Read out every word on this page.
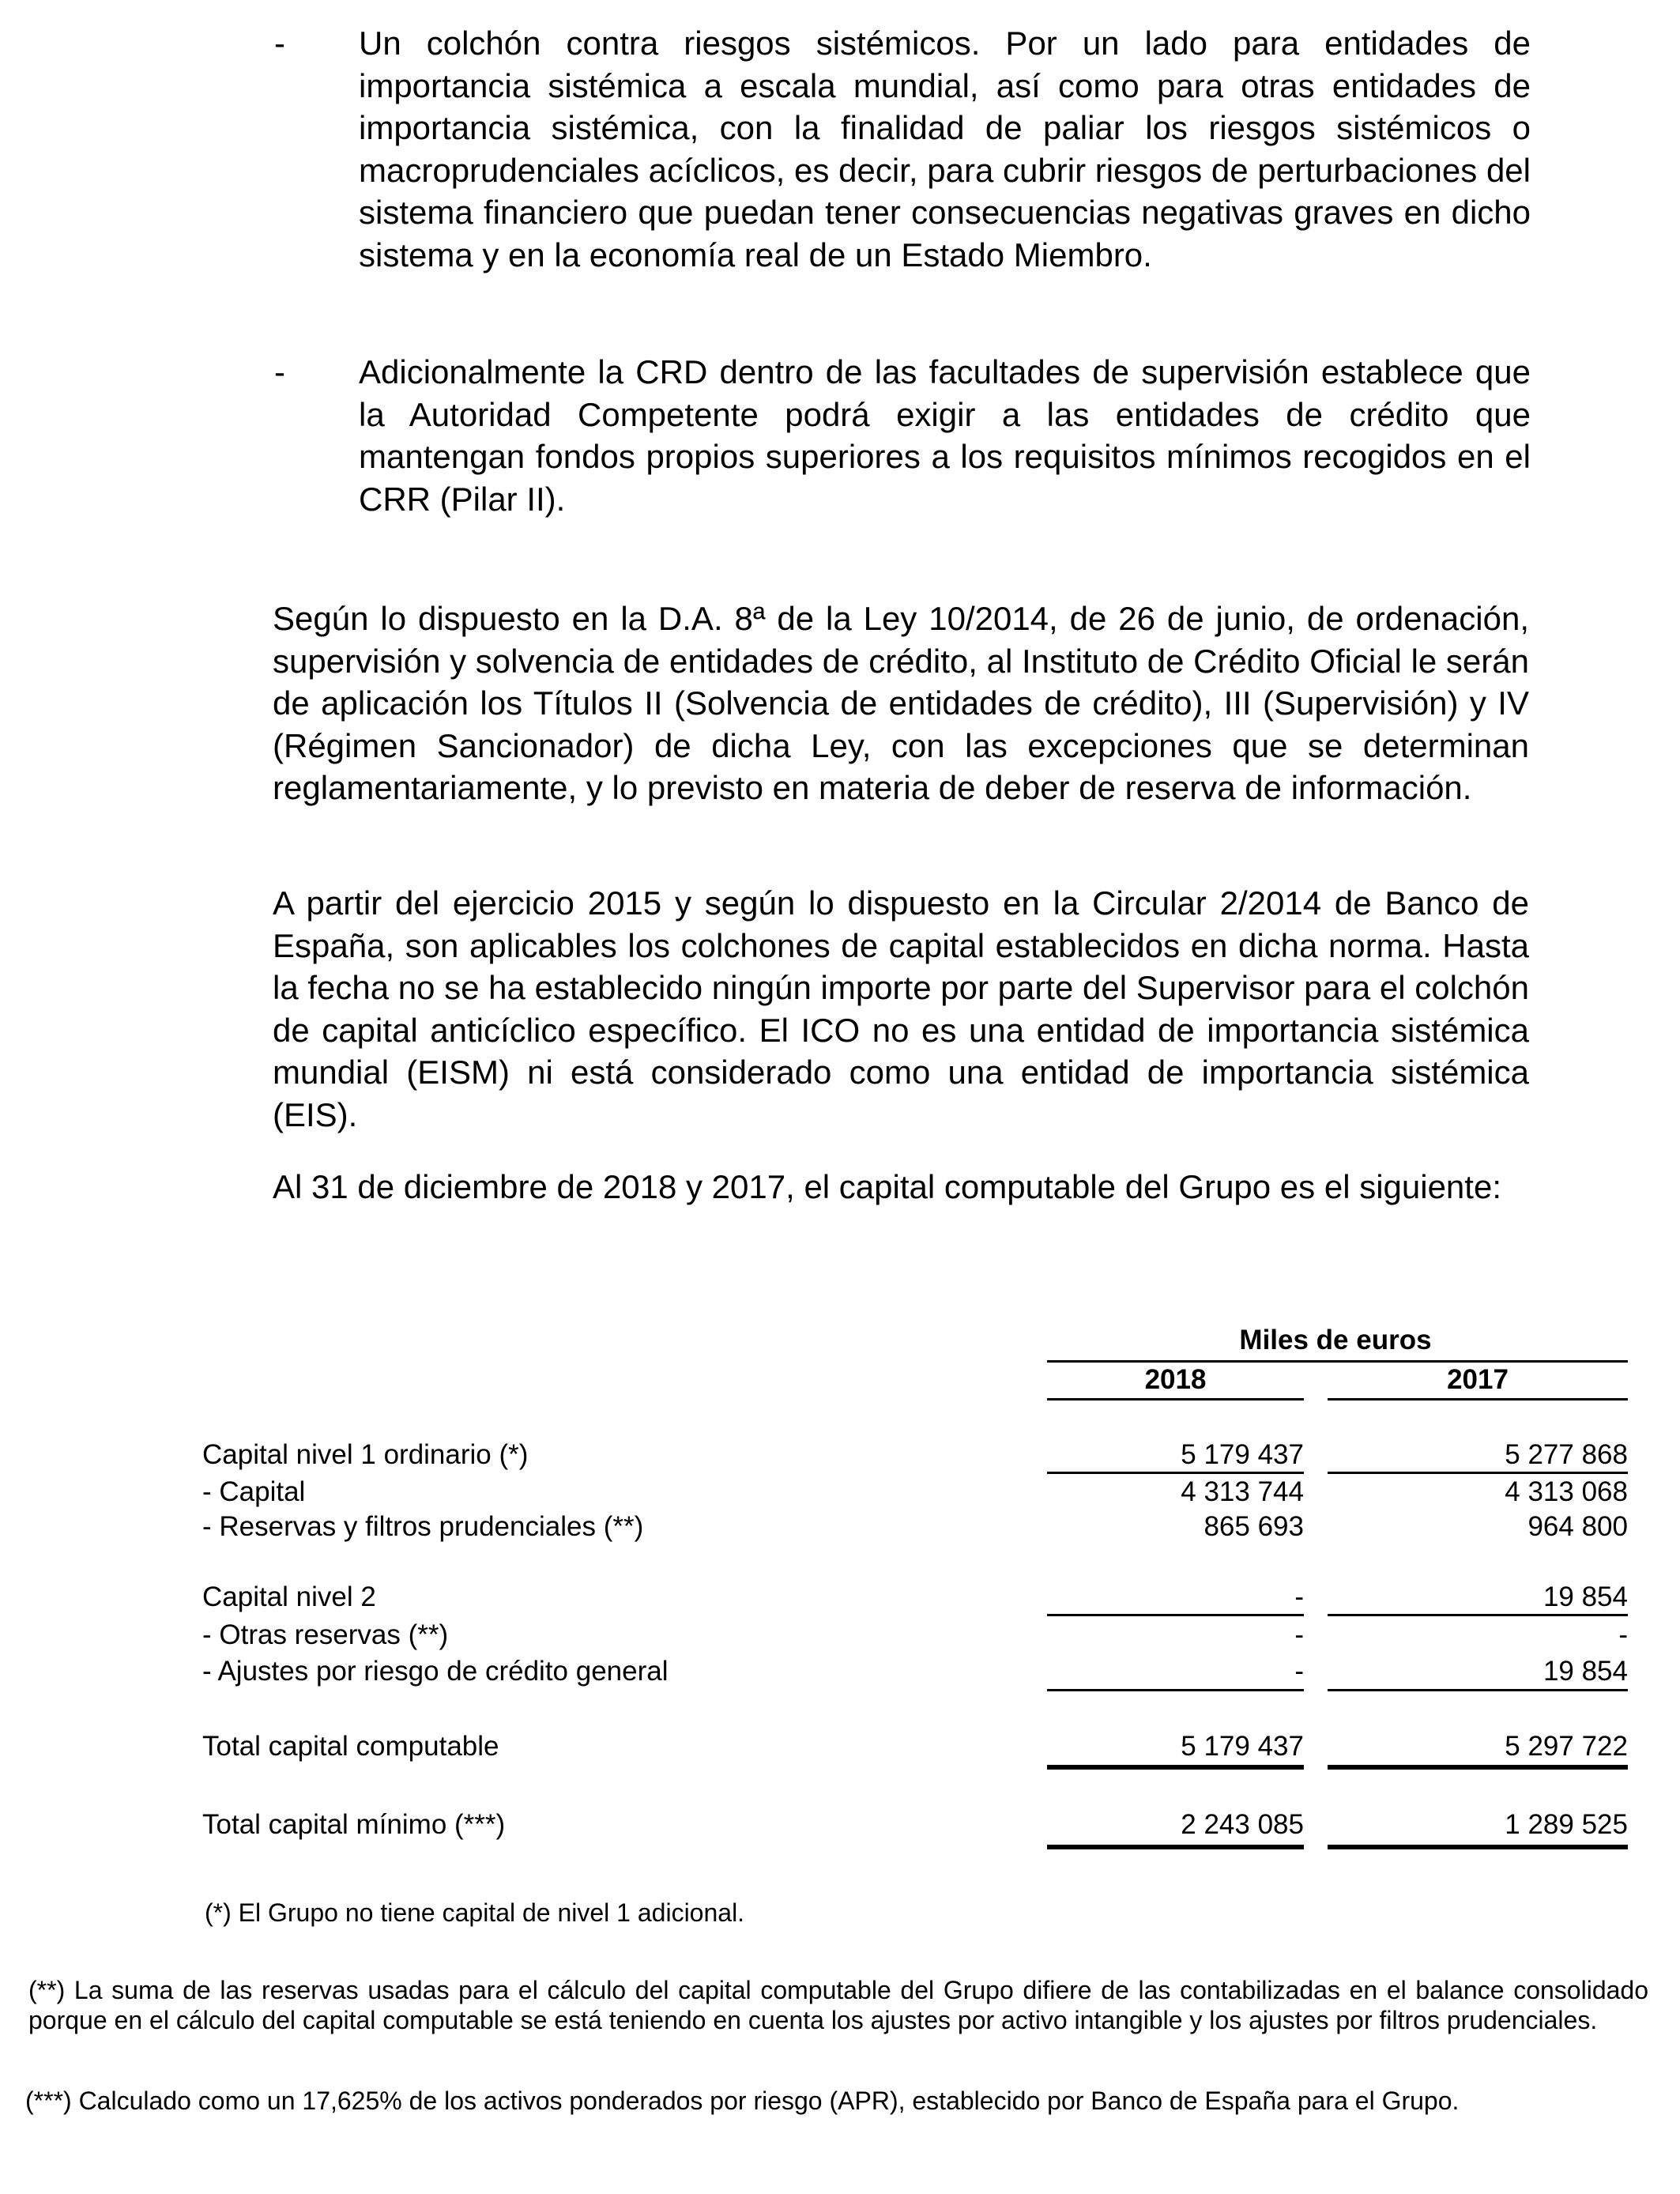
- Un colchón contra riesgos sistémicos. Por un lado para entidades de importancia sistémica a escala mundial, así como para otras entidades de importancia sistémica, con la finalidad de paliar los riesgos sistémicos o macroprudenciales acíclicos, es decir, para cubrir riesgos de perturbaciones del sistema financiero que puedan tener consecuencias negativas graves en dicho sistema y en la economía real de un Estado Miembro.
- Adicionalmente la CRD dentro de las facultades de supervisión establece que la Autoridad Competente podrá exigir a las entidades de crédito que mantengan fondos propios superiores a los requisitos mínimos recogidos en el CRR (Pilar II).
Según lo dispuesto en la D.A. 8ª de la Ley 10/2014, de 26 de junio, de ordenación, supervisión y solvencia de entidades de crédito, al Instituto de Crédito Oficial le serán de aplicación los Títulos II (Solvencia de entidades de crédito), III (Supervisión) y IV (Régimen Sancionador) de dicha Ley, con las excepciones que se determinan reglamentariamente, y lo previsto en materia de deber de reserva de información.
A partir del ejercicio 2015 y según lo dispuesto en la Circular 2/2014 de Banco de España, son aplicables los colchones de capital establecidos en dicha norma. Hasta la fecha no se ha establecido ningún importe por parte del Supervisor para el colchón de capital anticíclico específico. El ICO no es una entidad de importancia sistémica mundial (EISM) ni está considerado como una entidad de importancia sistémica (EIS).
Al 31 de diciembre de 2018 y 2017, el capital computable del Grupo es el siguiente:
Miles de euros
2018	2017
Capital nivel 1 ordinario (*)	5 179 437	5 277 868
- Capital	4 313 744	4 313 068
- Reservas y filtros prudenciales (**)	865 693	964 800
Capital nivel 2	-	19 854
- Otras reservas (**)	-	-
- Ajustes por riesgo de crédito general	-	19 854
Total capital computable	5 179 437	5 297 722
Total capital mínimo (***)	2 243 085	1 289 525
(*) El Grupo no tiene capital de nivel 1 adicional.
(**) La suma de las reservas usadas para el cálculo del capital computable del Grupo difiere de las contabilizadas en el balance consolidado porque en el cálculo del capital computable se está teniendo en cuenta los ajustes por activo intangible y los ajustes por filtros prudenciales.
(***) Calculado como un 17,625% de los activos ponderados por riesgo (APR), establecido por Banco de España para el Grupo.
